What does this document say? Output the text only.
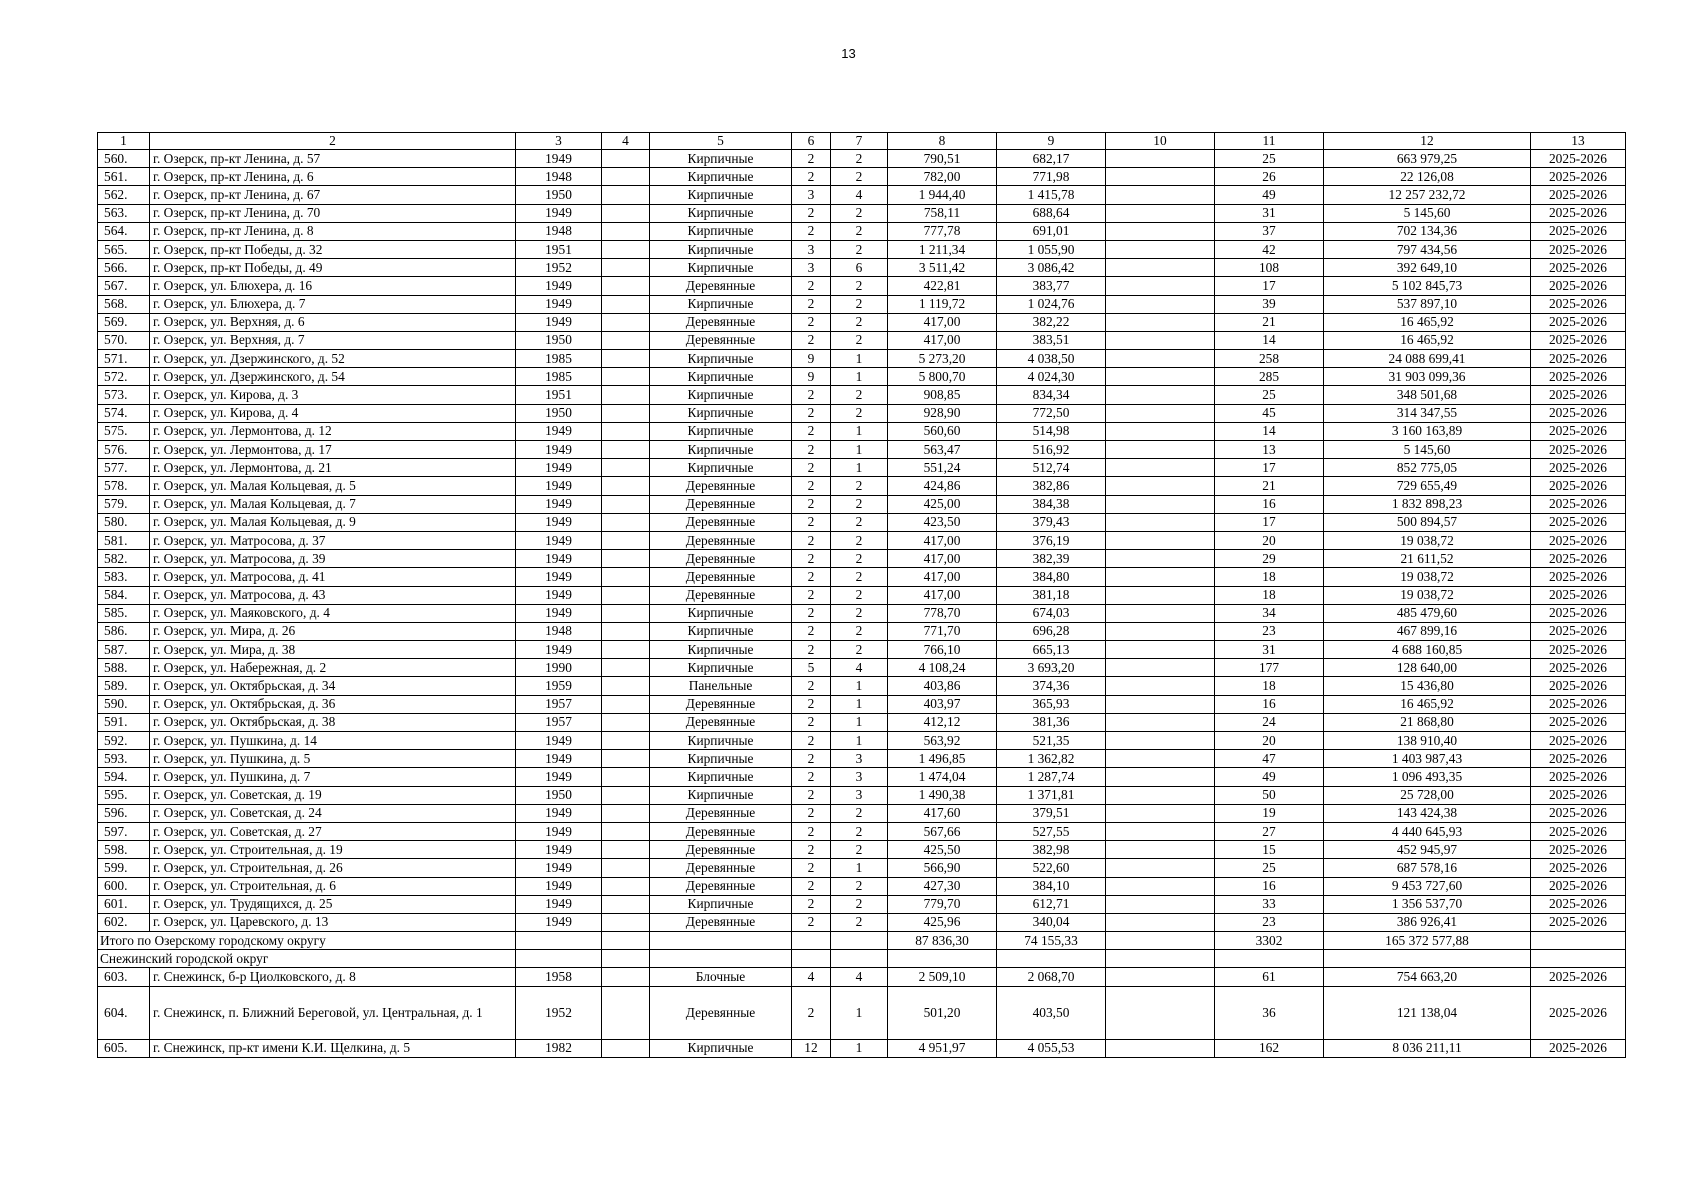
13
1	2	3	4	5	6	7	8	9	10	11	12	13
560.	г. Озерск, пр-кт Ленина, д. 57	1949		Кирпичные	2	2	790,51	682,17		25	663 979,25	2025-2026
561.	г. Озерск, пр-кт Ленина, д. 6	1948		Кирпичные	2	2	782,00	771,98		26	22 126,08	2025-2026
562.	г. Озерск, пр-кт Ленина, д. 67	1950		Кирпичные	3	4	1 944,40	1 415,78		49	12 257 232,72	2025-2026
563.	г. Озерск, пр-кт Ленина, д. 70	1949		Кирпичные	2	2	758,11	688,64		31	5 145,60	2025-2026
564.	г. Озерск, пр-кт Ленина, д. 8	1948		Кирпичные	2	2	777,78	691,01		37	702 134,36	2025-2026
565.	г. Озерск, пр-кт Победы, д. 32	1951		Кирпичные	3	2	1 211,34	1 055,90		42	797 434,56	2025-2026
566.	г. Озерск, пр-кт Победы, д. 49	1952		Кирпичные	3	6	3 511,42	3 086,42		108	392 649,10	2025-2026
567.	г. Озерск, ул. Блюхера, д. 16	1949		Деревянные	2	2	422,81	383,77		17	5 102 845,73	2025-2026
568.	г. Озерск, ул. Блюхера, д. 7	1949		Кирпичные	2	2	1 119,72	1 024,76		39	537 897,10	2025-2026
569.	г. Озерск, ул. Верхняя, д. 6	1949		Деревянные	2	2	417,00	382,22		21	16 465,92	2025-2026
570.	г. Озерск, ул. Верхняя, д. 7	1950		Деревянные	2	2	417,00	383,51		14	16 465,92	2025-2026
571.	г. Озерск, ул. Дзержинского, д. 52	1985		Кирпичные	9	1	5 273,20	4 038,50		258	24 088 699,41	2025-2026
572.	г. Озерск, ул. Дзержинского, д. 54	1985		Кирпичные	9	1	5 800,70	4 024,30		285	31 903 099,36	2025-2026
573.	г. Озерск, ул. Кирова, д. 3	1951		Кирпичные	2	2	908,85	834,34		25	348 501,68	2025-2026
574.	г. Озерск, ул. Кирова, д. 4	1950		Кирпичные	2	2	928,90	772,50		45	314 347,55	2025-2026
575.	г. Озерск, ул. Лермонтова, д. 12	1949		Кирпичные	2	1	560,60	514,98		14	3 160 163,89	2025-2026
576.	г. Озерск, ул. Лермонтова, д. 17	1949		Кирпичные	2	1	563,47	516,92		13	5 145,60	2025-2026
577.	г. Озерск, ул. Лермонтова, д. 21	1949		Кирпичные	2	1	551,24	512,74		17	852 775,05	2025-2026
578.	г. Озерск, ул. Малая Кольцевая, д. 5	1949		Деревянные	2	2	424,86	382,86		21	729 655,49	2025-2026
579.	г. Озерск, ул. Малая Кольцевая, д. 7	1949		Деревянные	2	2	425,00	384,38		16	1 832 898,23	2025-2026
580.	г. Озерск, ул. Малая Кольцевая, д. 9	1949		Деревянные	2	2	423,50	379,43		17	500 894,57	2025-2026
581.	г. Озерск, ул. Матросова, д. 37	1949		Деревянные	2	2	417,00	376,19		20	19 038,72	2025-2026
582.	г. Озерск, ул. Матросова, д. 39	1949		Деревянные	2	2	417,00	382,39		29	21 611,52	2025-2026
583.	г. Озерск, ул. Матросова, д. 41	1949		Деревянные	2	2	417,00	384,80		18	19 038,72	2025-2026
584.	г. Озерск, ул. Матросова, д. 43	1949		Деревянные	2	2	417,00	381,18		18	19 038,72	2025-2026
585.	г. Озерск, ул. Маяковского, д. 4	1949		Кирпичные	2	2	778,70	674,03		34	485 479,60	2025-2026
586.	г. Озерск, ул. Мира, д. 26	1948		Кирпичные	2	2	771,70	696,28		23	467 899,16	2025-2026
587.	г. Озерск, ул. Мира, д. 38	1949		Кирпичные	2	2	766,10	665,13		31	4 688 160,85	2025-2026
588.	г. Озерск, ул. Набережная, д. 2	1990		Кирпичные	5	4	4 108,24	3 693,20		177	128 640,00	2025-2026
589.	г. Озерск, ул. Октябрьская, д. 34	1959		Панельные	2	1	403,86	374,36		18	15 436,80	2025-2026
590.	г. Озерск, ул. Октябрьская, д. 36	1957		Деревянные	2	1	403,97	365,93		16	16 465,92	2025-2026
591.	г. Озерск, ул. Октябрьская, д. 38	1957		Деревянные	2	1	412,12	381,36		24	21 868,80	2025-2026
592.	г. Озерск, ул. Пушкина, д. 14	1949		Кирпичные	2	1	563,92	521,35		20	138 910,40	2025-2026
593.	г. Озерск, ул. Пушкина, д. 5	1949		Кирпичные	2	3	1 496,85	1 362,82		47	1 403 987,43	2025-2026
594.	г. Озерск, ул. Пушкина, д. 7	1949		Кирпичные	2	3	1 474,04	1 287,74		49	1 096 493,35	2025-2026
595.	г. Озерск, ул. Советская, д. 19	1950		Кирпичные	2	3	1 490,38	1 371,81		50	25 728,00	2025-2026
596.	г. Озерск, ул. Советская, д. 24	1949		Деревянные	2	2	417,60	379,51		19	143 424,38	2025-2026
597.	г. Озерск, ул. Советская, д. 27	1949		Деревянные	2	2	567,66	527,55		27	4 440 645,93	2025-2026
598.	г. Озерск, ул. Строительная, д. 19	1949		Деревянные	2	2	425,50	382,98		15	452 945,97	2025-2026
599.	г. Озерск, ул. Строительная, д. 26	1949		Деревянные	2	1	566,90	522,60		25	687 578,16	2025-2026
600.	г. Озерск, ул. Строительная, д. 6	1949		Деревянные	2	2	427,30	384,10		16	9 453 727,60	2025-2026
601.	г. Озерск, ул. Трудящихся, д. 25	1949		Кирпичные	2	2	779,70	612,71		33	1 356 537,70	2025-2026
602.	г. Озерск, ул. Царевского, д. 13	1949		Деревянные	2	2	425,96	340,04		23	386 926,41	2025-2026
Итого по Озерскому городскому округу							87 836,30	74 155,33		3302	165 372 577,88	
Снежинский городской округ												
603.	г. Снежинск, б-р Циолковского, д. 8	1958		Блочные	4	4	2 509,10	2 068,70		61	754 663,20	2025-2026
604.	г. Снежинск, п. Ближний Береговой, ул. Центральная, д. 1	1952		Деревянные	2	1	501,20	403,50		36	121 138,04	2025-2026
605.	г. Снежинск, пр-кт имени К.И. Щелкина, д. 5	1982		Кирпичные	12	1	4 951,97	4 055,53		162	8 036 211,11	2025-2026
